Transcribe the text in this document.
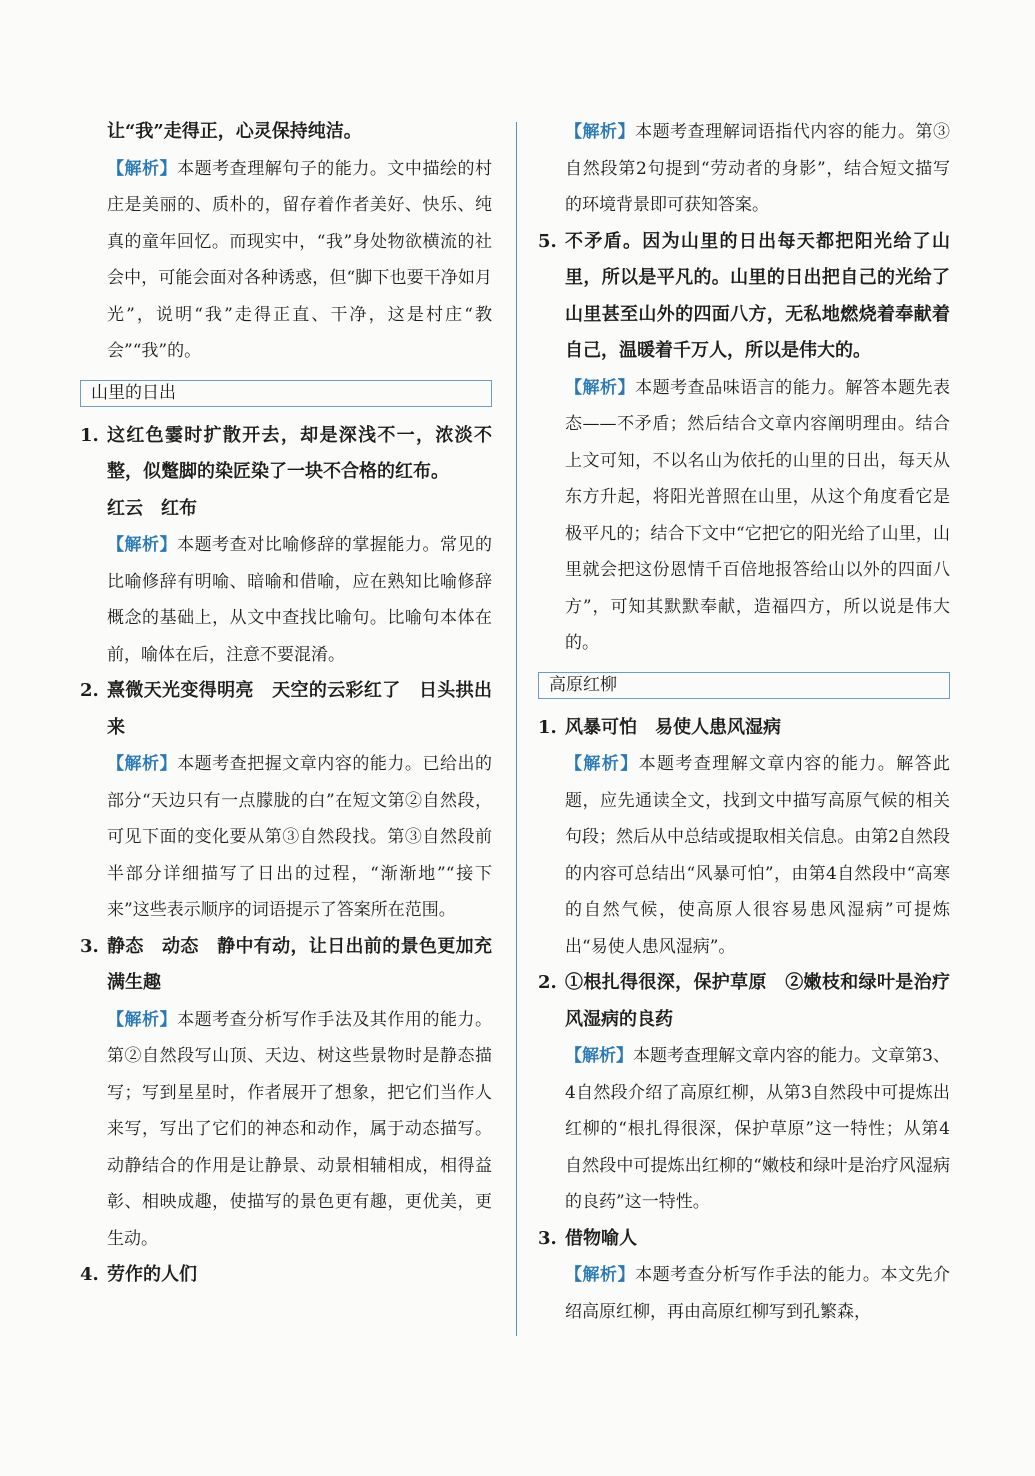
让“我”走得正，心灵保持纯洁。

【解析】本题考查理解句子的能力。文中描绘的村庄是美丽的、质朴的，留存着作者美好、快乐、纯真的童年回忆。而现实中，“我”身处物欲横流的社会中，可能会面对各种诱惑，但“脚下也要干净如月光”，说明“我”走得正直、干净，这是村庄“教会”“我”的。

山里的日出
1. 这红色霎时扩散开去，却是深浅不一，浓淡不整，似蹩脚的染匠染了一块不合格的红布。

红云　红布

【解析】本题考查对比喻修辞的掌握能力。常见的比喻修辞有明喻、暗喻和借喻，应在熟知比喻修辞概念的基础上，从文中查找比喻句。比喻句本体在前，喻体在后，注意不要混淆。

2. 熹微天光变得明亮　天空的云彩红了　日头拱出来

【解析】本题考查把握文章内容的能力。已给出的部分“天边只有一点朦胧的白”在短文第②自然段，可见下面的变化要从第③自然段找。第③自然段前半部分详细描写了日出的过程，“渐渐地”“接下来”这些表示顺序的词语提示了答案所在范围。

3. 静态　动态　静中有动，让日出前的景色更加充满生趣

【解析】本题考查分析写作手法及其作用的能力。第②自然段写山顶、天边、树这些景物时是静态描写；写到星星时，作者展开了想象，把它们当作人来写，写出了它们的神态和动作，属于动态描写。动静结合的作用是让静景、动景相辅相成，相得益彰、相映成趣，使描写的景色更有趣，更优美，更生动。

4. 劳作的人们

【解析】本题考查理解词语指代内容的能力。第③自然段第2句提到“劳动者的身影”，结合短文描写的环境背景即可获知答案。

5. 不矛盾。因为山里的日出每天都把阳光给了山里，所以是平凡的。山里的日出把自己的光给了山里甚至山外的四面八方，无私地燃烧着奉献着自己，温暖着千万人，所以是伟大的。

【解析】本题考查品味语言的能力。解答本题先表态——不矛盾；然后结合文章内容阐明理由。结合上文可知，不以名山为依托的山里的日出，每天从东方升起，将阳光普照在山里，从这个角度看它是极平凡的；结合下文中“它把它的阳光给了山里，山里就会把这份恩情千百倍地报答给山以外的四面八方”，可知其默默奉献，造福四方，所以说是伟大的。

高原红柳
1. 风暴可怕　易使人患风湿病

【解析】本题考查理解文章内容的能力。解答此题，应先通读全文，找到文中描写高原气候的相关句段；然后从中总结或提取相关信息。由第2自然段的内容可总结出“风暴可怕”，由第4自然段中“高寒的自然气候，使高原人很容易患风湿病”可提炼出“易使人患风湿病”。

2. ①根扎得很深，保护草原　②嫩枝和绿叶是治疗风湿病的良药

【解析】本题考查理解文章内容的能力。文章第3、4自然段介绍了高原红柳，从第3自然段中可提炼出红柳的“根扎得很深，保护草原”这一特性；从第4自然段中可提炼出红柳的“嫩枝和绿叶是治疗风湿病的良药”这一特性。

3. 借物喻人

【解析】本题考查分析写作手法的能力。本文先介绍高原红柳，再由高原红柳写到孔繁森，
